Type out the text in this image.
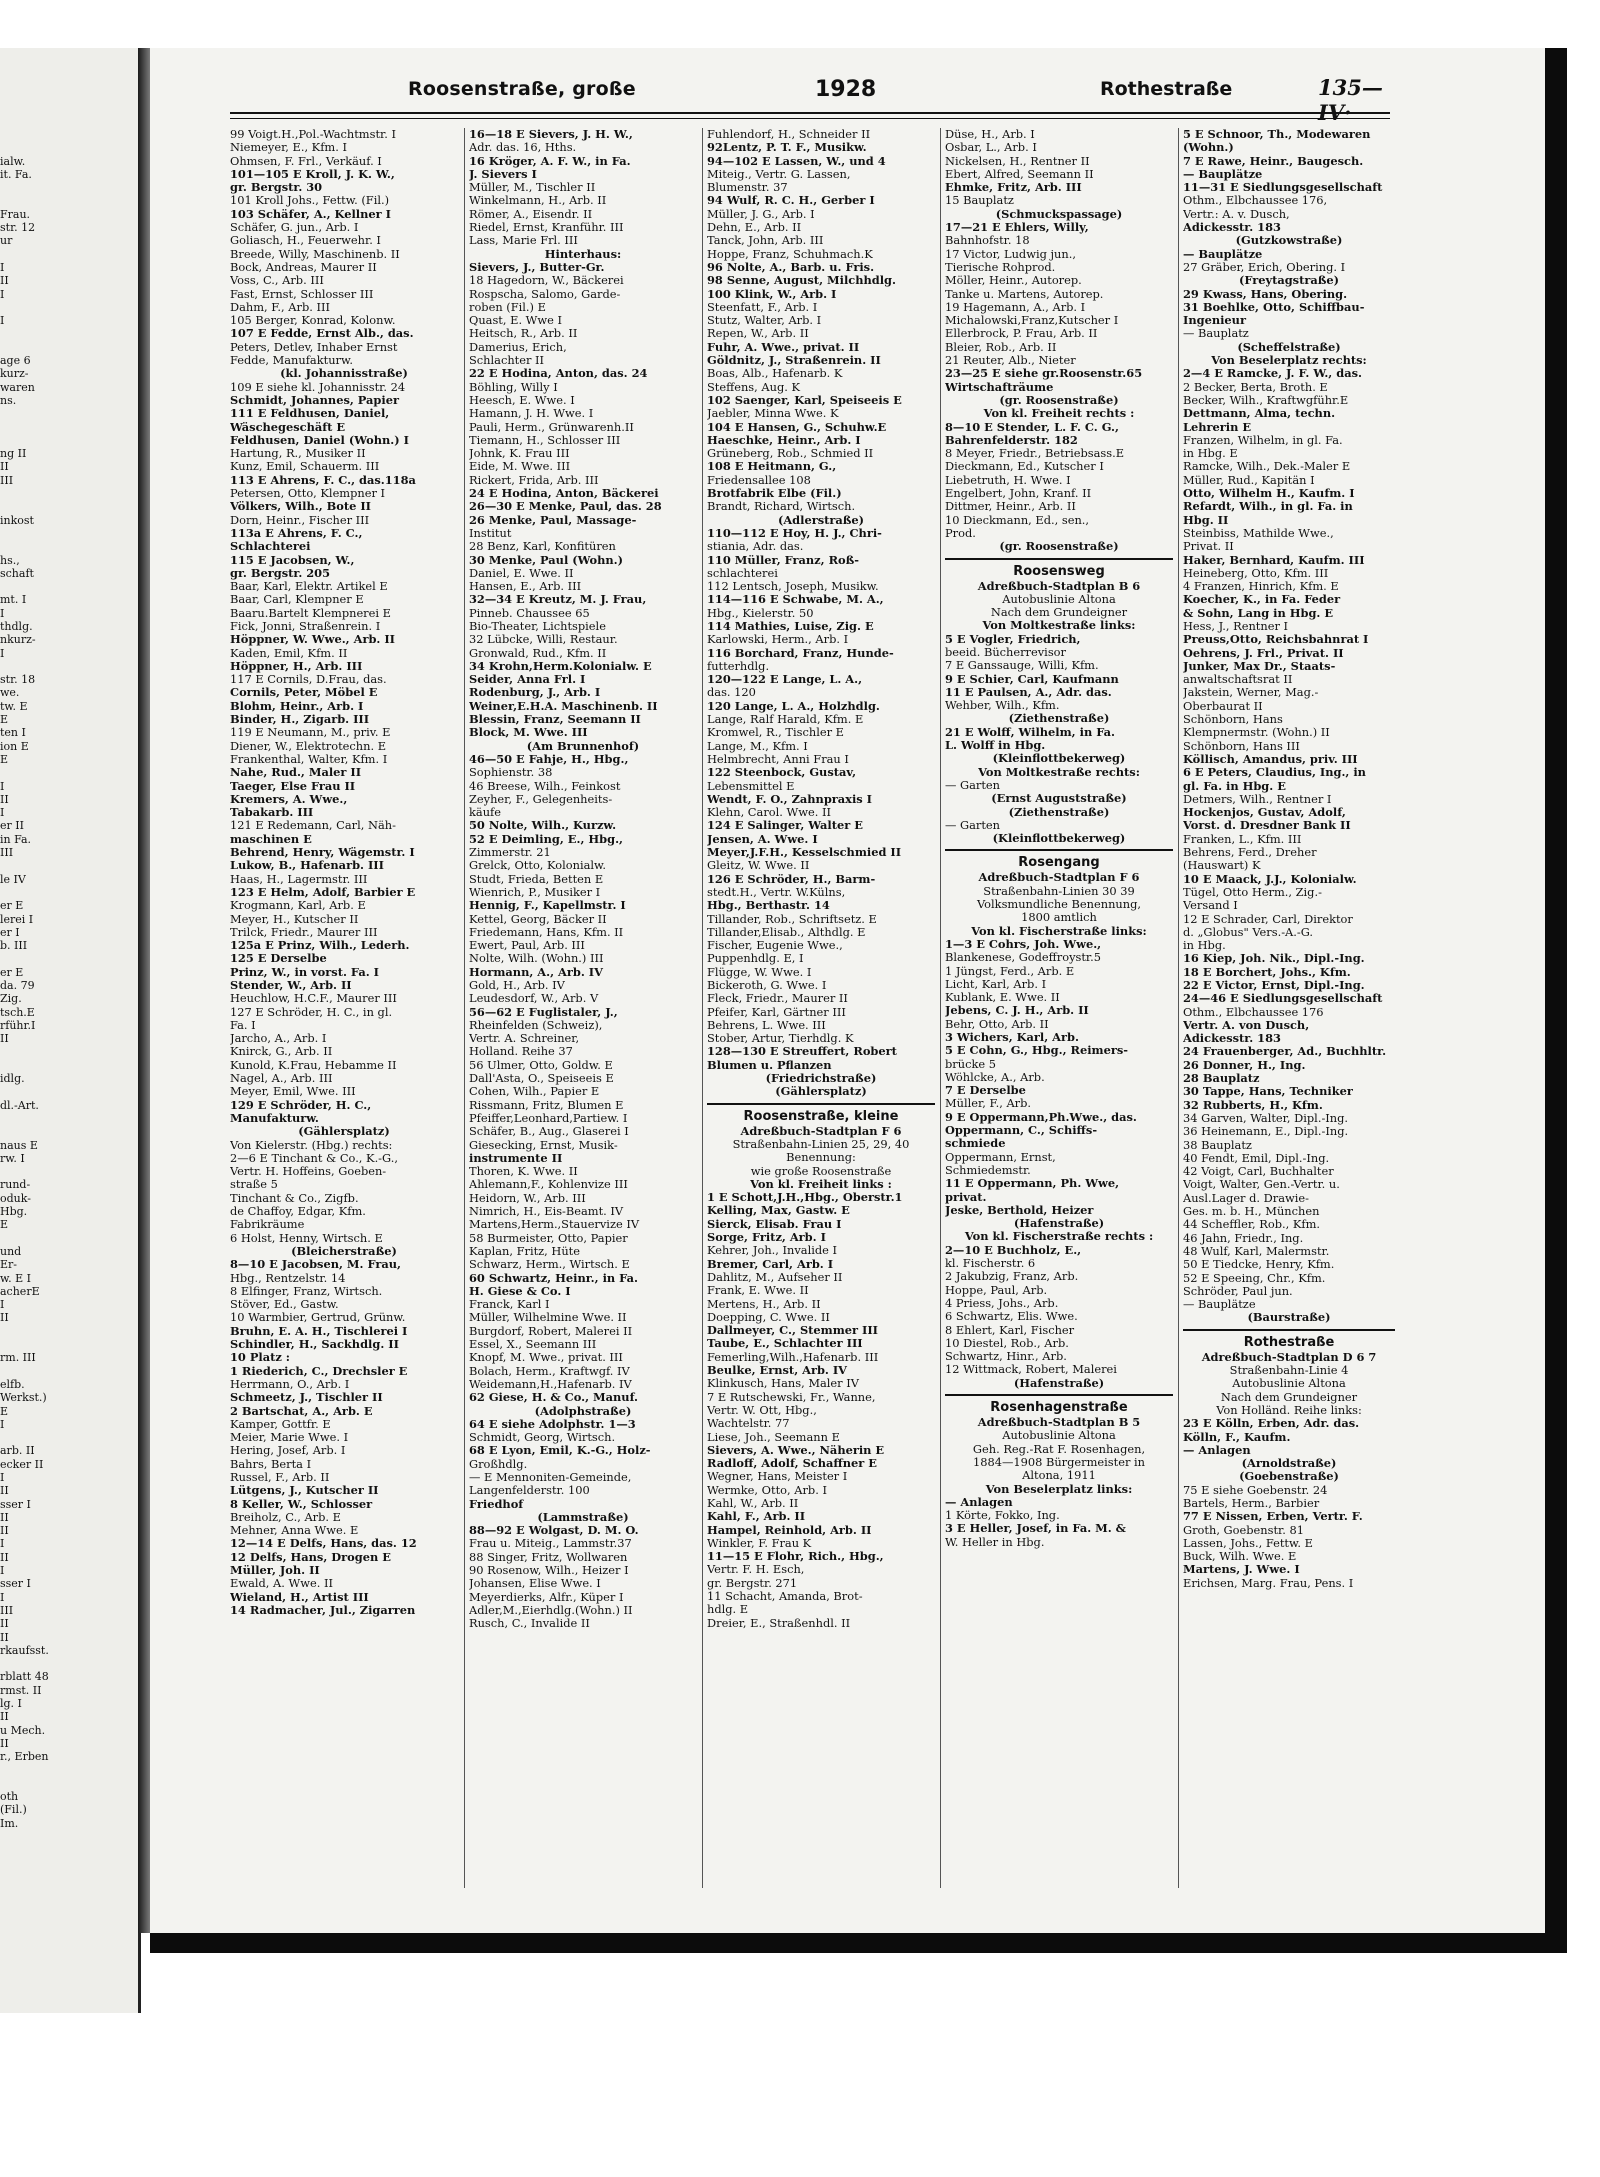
ialw.
it. Fa.

Frau.
str. 12
ur

I
II
I

I

age 6
kurz-
waren
ns.

ng II
II
III

inkost

hs.,
schaft

mt. I
I
thdlg.
nkurz-
I

str. 18
we.
tw. E
E
ten I
ion E
E

I
II
I
er II
in Fa.
III

le IV

er E
lerei I
er I
b. III

er E
da. 79
Zig.
tsch.E
rführ.I
II

idlg.

dl.-Art.

naus E
rw. I

rund-
oduk-
Hbg.
E

und
Er-
w. E I
acherE
I
II

rm. III

elfb.
Werkst.)
E
I

arb. II
ecker II
I
II
sser I
II
II
I
II
I
sser I
I
III
II
II
rkaufsst.

rblatt 48
rmst. II
lg. I
II
u Mech.
II
r., Erben

oth
(Fil.)
Im.
Roosenstraße, große	1928	Rothestraße	135—IV·
99 Voigt.H.,Pol.-Wachtmstr. I
Niemeyer, E., Kfm. I
Ohmsen, F. Frl., Verkäuf. I
101—105 E Kroll, J. K. W.,
gr. Bergstr. 30
101 Kroll Johs., Fettw. (Fil.)
103 Schäfer, A., Kellner I
Schäfer, G. jun., Arb. I
Goliasch, H., Feuerwehr. I
Breede, Willy, Maschinenb. II
Bock, Andreas, Maurer II
Voss, C., Arb. III
Fast, Ernst, Schlosser III
Dahm, F., Arb. III
105 Berger, Konrad, Kolonw.
107 E Fedde, Ernst Alb., das.
Peters, Detlev, Inhaber Ernst
Fedde, Manufakturw.
(kl. Johannisstraße)
109 E siehe kl. Johannisstr. 24
Schmidt, Johannes, Papier
111 E Feldhusen, Daniel,
Wäschegeschäft E
Feldhusen, Daniel (Wohn.) I
Hartung, R., Musiker II
Kunz, Emil, Schauerm. III
113 E Ahrens, F. C., das.118a
Petersen, Otto, Klempner I
Völkers, Wilh., Bote II
Dorn, Heinr., Fischer III
113a E Ahrens, F. C.,
Schlachterei
115 E Jacobsen, W.,
gr. Bergstr. 205
Baar, Karl, Elektr. Artikel E
Baar, Carl, Klempner E
Baaru.Bartelt Klempnerei E
Fick, Jonni, Straßenrein. I
Höppner, W. Wwe., Arb. II
Kaden, Emil, Kfm. II
Höppner, H., Arb. III
117 E Cornils, D.Frau, das.
Cornils, Peter, Möbel E
Blohm, Heinr., Arb. I
Binder, H., Zigarb. III
119 E Neumann, M., priv. E
Diener, W., Elektrotechn. E
Frankenthal, Walter, Kfm. I
Nahe, Rud., Maler II
Taeger, Else Frau II
Kremers, A. Wwe.,
Tabakarb. III
121 E Redemann, Carl, Näh-
maschinen E
Behrend, Henry, Wägemstr. I
Lukow, B., Hafenarb. III
Haas, H., Lagermstr. III
123 E Helm, Adolf, Barbier E
Krogmann, Karl, Arb. E
Meyer, H., Kutscher II
Trilck, Friedr., Maurer III
125a E Prinz, Wilh., Lederh.
125 E Derselbe
Prinz, W., in vorst. Fa. I
Stender, W., Arb. II
Heuchlow, H.C.F., Maurer III
127 E Schröder, H. C., in gl.
Fa. I
Jarcho, A., Arb. I
Knirck, G., Arb. II
Kunold, K.Frau, Hebamme II
Nagel, A., Arb. III
Meyer, Emil, Wwe. III
129 E Schröder, H. C.,
Manufakturw.
(Gählersplatz)
Von Kielerstr. (Hbg.) rechts:
2—6 E Tinchant & Co., K.-G.,
Vertr. H. Hoffeins, Goeben-
straße 5
Tinchant & Co., Zigfb.
de Chaffoy, Edgar, Kfm.
Fabrikräume
6 Holst, Henny, Wirtsch. E
(Bleicherstraße)
8—10 E Jacobsen, M. Frau,
Hbg., Rentzelstr. 14
8 Elfinger, Franz, Wirtsch.
Stöver, Ed., Gastw.
10 Warmbier, Gertrud, Grünw.
Bruhn, E. A. H., Tischlerei I
Schindler, H., Sackhdlg. II
10 Platz :
1 Riederich, C., Drechsler E
Herrmann, O., Arb. I
Schmeetz, J., Tischler II
2 Bartschat, A., Arb. E
Kamper, Gottfr. E
Meier, Marie Wwe. I
Hering, Josef, Arb. I
Bahrs, Berta I
Russel, F., Arb. II
Lütgens, J., Kutscher II
8 Keller, W., Schlosser
Breiholz, C., Arb. E
Mehner, Anna Wwe. E
12—14 E Delfs, Hans, das. 12
12 Delfs, Hans, Drogen E
Müller, Joh. II
Ewald, A. Wwe. II
Wieland, H., Artist III
14 Radmacher, Jul., Zigarren
16—18 E Sievers, J. H. W.,
Adr. das. 16, Hths.
16 Kröger, A. F. W., in Fa.
J. Sievers I
Müller, M., Tischler II
Winkelmann, H., Arb. II
Römer, A., Eisendr. II
Riedel, Ernst, Kranführ. III
Lass, Marie Frl. III
Hinterhaus:
Sievers, J., Butter-Gr.
18 Hagedorn, W., Bäckerei
Rospscha, Salomo, Garde-
roben (Fil.) E
Quast, E. Wwe I
Heitsch, R., Arb. II
Damerius, Erich,
Schlachter II
22 E Hodina, Anton, das. 24
Böhling, Willy I
Heesch, E. Wwe. I
Hamann, J. H. Wwe. I
Pauli, Herm., Grünwarenh.II
Tiemann, H., Schlosser III
Johnk, K. Frau III
Eide, M. Wwe. III
Rickert, Frida, Arb. III
24 E Hodina, Anton, Bäckerei
26—30 E Menke, Paul, das. 28
26 Menke, Paul, Massage-
Institut
28 Benz, Karl, Konfitüren
30 Menke, Paul (Wohn.)
Daniel, E. Wwe. II
Hansen, E., Arb. III
32—34 E Kreutz, M. J. Frau,
Pinneb. Chaussee 65
Bio-Theater, Lichtspiele
32 Lübcke, Willi, Restaur.
Gronwald, Rud., Kfm. II
34 Krohn,Herm.Kolonialw. E
Seider, Anna Frl. I
Rodenburg, J., Arb. I
Weiner,E.H.A. Maschinenb. II
Blessin, Franz, Seemann II
Block, M. Wwe. III
(Am Brunnenhof)
46—50 E Fahje, H., Hbg.,
Sophienstr. 38
46 Breese, Wilh., Feinkost
Zeyher, F., Gelegenheits-
käufe
50 Nolte, Wilh., Kurzw.
52 E Deimling, E., Hbg.,
Zimmerstr. 21
Grelck, Otto, Kolonialw.
Studt, Frieda, Betten E
Wienrich, P., Musiker I
Hennig, F., Kapellmstr. I
Kettel, Georg, Bäcker II
Friedemann, Hans, Kfm. II
Ewert, Paul, Arb. III
Nolte, Wilh. (Wohn.) III
Hormann, A., Arb. IV
Gold, H., Arb. IV
Leudesdorf, W., Arb. V
56—62 E Fuglistaler, J.,
Rheinfelden (Schweiz),
Vertr. A. Schreiner,
Holland. Reihe 37
56 Ulmer, Otto, Goldw. E
Dall'Asta, O., Speiseeis E
Cohen, Wilh., Papier E
Rissmann, Fritz, Blumen E
Pfeiffer,Leonhard,Partiew. I
Schäfer, B., Aug., Glaserei I
Giesecking, Ernst, Musik-
instrumente II
Thoren, K. Wwe. II
Ahlemann,F., Kohlenvize III
Heidorn, W., Arb. III
Nimrich, H., Eis-Beamt. IV
Martens,Herm.,Stauervize IV
58 Burmeister, Otto, Papier
Kaplan, Fritz, Hüte
Schwarz, Herm., Wirtsch. E
60 Schwartz, Heinr., in Fa.
H. Giese & Co. I
Franck, Karl I
Müller, Wilhelmine Wwe. II
Burgdorf, Robert, Malerei II
Essel, X., Seemann III
Knopf, M. Wwe., privat. III
Bolach, Herm., Kraftwgf. IV
Weidemann,H.,Hafenarb. IV
62 Giese, H. & Co., Manuf.
(Adolphstraße)
64 E siehe Adolphstr. 1—3
Schmidt, Georg, Wirtsch.
68 E Lyon, Emil, K.-G., Holz-
Großhdlg.
— E Mennoniten-Gemeinde,
Langenfelderstr. 100
Friedhof
(Lammstraße)
88—92 E Wolgast, D. M. O.
Frau u. Miteig., Lammstr.37
88 Singer, Fritz, Wollwaren
90 Rosenow, Wilh., Heizer I
Johansen, Elise Wwe. I
Meyerdierks, Alfr., Küper I
Adler,M.,Eierhdlg.(Wohn.) II
Rusch, C., Invalide II
Fuhlendorf, H., Schneider II
92Lentz, P. T. F., Musikw.
94—102 E Lassen, W., und 4
Miteig., Vertr. G. Lassen,
Blumenstr. 37
94 Wulf, R. C. H., Gerber I
Müller, J. G., Arb. I
Dehn, E., Arb. II
Tanck, John, Arb. III
Hoppe, Franz, Schuhmach.K
96 Nolte, A., Barb. u. Fris.
98 Senne, August, Milchhdlg.
100 Klink, W., Arb. I
Steenfatt, F., Arb. I
Stutz, Walter, Arb. I
Repen, W., Arb. II
Fuhr, A. Wwe., privat. II
Göldnitz, J., Straßenrein. II
Boas, Alb., Hafenarb. K
Steffens, Aug. K
102 Saenger, Karl, Speiseeis E
Jaebler, Minna Wwe. K
104 E Hansen, G., Schuhw.E
Haeschke, Heinr., Arb. I
Grüneberg, Rob., Schmied II
108 E Heitmann, G.,
Friedensallee 108
Brotfabrik Elbe (Fil.)
Brandt, Richard, Wirtsch.
(Adlerstraße)
110—112 E Hoy, H. J., Chri-
stiania, Adr. das.
110 Müller, Franz, Roß-
schlachterei
112 Lentsch, Joseph, Musikw.
114—116 E Schwabe, M. A.,
Hbg., Kielerstr. 50
114 Mathies, Luise, Zig. E
Karlowski, Herm., Arb. I
116 Borchard, Franz, Hunde-
futterhdlg.
120—122 E Lange, L. A.,
das. 120
120 Lange, L. A., Holzhdlg.
Lange, Ralf Harald, Kfm. E
Kromwel, R., Tischler E
Lange, M., Kfm. I
Helmbrecht, Anni Frau I
122 Steenbock, Gustav,
Lebensmittel E
Wendt, F. O., Zahnpraxis I
Klehn, Carol. Wwe. II
124 E Salinger, Walter E
Jensen, A. Wwe. I
Meyer,J.F.H., Kesselschmied II
Gleitz, W. Wwe. II
126 E Schröder, H., Barm-
stedt.H., Vertr. W.Külns,
Hbg., Berthastr. 14
Tillander, Rob., Schriftsetz. E
Tillander,Elisab., Althdlg. E
Fischer, Eugenie Wwe.,
Puppenhdlg. E, I
Flügge, W. Wwe. I
Bickeroth, G. Wwe. I
Fleck, Friedr., Maurer II
Pfeifer, Karl, Gärtner III
Behrens, L. Wwe. III
Stober, Artur, Tierhdlg. K
128—130 E Streuffert, Robert
Blumen u. Pflanzen
(Friedrichstraße)
(Gählersplatz)
Roosenstraße, kleine
Adreßbuch-Stadtplan F 6
Straßenbahn-Linien 25, 29, 40
Benennung:
wie große Roosenstraße
Von kl. Freiheit links :
1 E Schott,J.H.,Hbg., Oberstr.1
Kelling, Max, Gastw. E
Sierck, Elisab. Frau I
Sorge, Fritz, Arb. I
Kehrer, Joh., Invalide I
Bremer, Carl, Arb. I
Dahlitz, M., Aufseher II
Frank, E. Wwe. II
Mertens, H., Arb. II
Doepping, C. Wwe. II
Dallmeyer, C., Stemmer III
Taube, E., Schlachter III
Femerling,Wilh.,Hafenarb. III
Beulke, Ernst, Arb. IV
Klinkusch, Hans, Maler IV
7 E Rutschewski, Fr., Wanne,
Vertr. W. Ott, Hbg.,
Wachtelstr. 77
Liese, Joh., Seemann E
Sievers, A. Wwe., Näherin E
Radloff, Adolf, Schaffner E
Wegner, Hans, Meister I
Wermke, Otto, Arb. I
Kahl, W., Arb. II
Kahl, F., Arb. II
Hampel, Reinhold, Arb. II
Winkler, F. Frau K
11—15 E Flohr, Rich., Hbg.,
Vertr. F. H. Esch,
gr. Bergstr. 271
11 Schacht, Amanda, Brot-
hdlg. E
Dreier, E., Straßenhdl. II
Düse, H., Arb. I
Osbar, L., Arb. I
Nickelsen, H., Rentner II
Ebert, Alfred, Seemann II
Ehmke, Fritz, Arb. III
15 Bauplatz
(Schmuckspassage)
17—21 E Ehlers, Willy,
Bahnhofstr. 18
17 Victor, Ludwig jun.,
Tierische Rohprod.
Möller, Heinr., Autorep.
Tanke u. Martens, Autorep.
19 Hagemann, A., Arb. I
Michalowski,Franz,Kutscher I
Ellerbrock, P. Frau, Arb. II
Bleier, Rob., Arb. II
21 Reuter, Alb., Nieter
23—25 E siehe gr.Roosenstr.65
Wirtschafträume
(gr. Roosenstraße)
Von kl. Freiheit rechts :
8—10 E Stender, L. F. C. G.,
Bahrenfelderstr. 182
8 Meyer, Friedr., Betriebsass.E
Dieckmann, Ed., Kutscher I
Liebetruth, H. Wwe. I
Engelbert, John, Kranf. II
Dittmer, Heinr., Arb. II
10 Dieckmann, Ed., sen.,
Prod.
(gr. Roosenstraße)
Roosensweg
Adreßbuch-Stadtplan B 6
Autobuslinie Altona
Nach dem Grundeigner
Von Moltkestraße links:
5 E Vogler, Friedrich,
beeid. Bücherrevisor
7 E Ganssauge, Willi, Kfm.
9 E Schier, Carl, Kaufmann
11 E Paulsen, A., Adr. das.
Wehber, Wilh., Kfm.
(Ziethenstraße)
21 E Wolff, Wilhelm, in Fa.
L. Wolff in Hbg.
(Kleinflottbekerweg)
Von Moltkestraße rechts:
— Garten
(Ernst Auguststraße)
(Ziethenstraße)
— Garten
(Kleinflottbekerweg)
Rosengang
Adreßbuch-Stadtplan F 6
Straßenbahn-Linien 30 39
Volksmundliche Benennung,
1800 amtlich
Von kl. Fischerstraße links:
1—3 E Cohrs, Joh. Wwe.,
Blankenese, Godeffroystr.5
1 Jüngst, Ferd., Arb. E
Licht, Karl, Arb. I
Kublank, E. Wwe. II
Jebens, C. J. H., Arb. II
Behr, Otto, Arb. II
3 Wichers, Karl, Arb.
5 E Cohn, G., Hbg., Reimers-
brücke 5
Wöhlcke, A., Arb.
7 E Derselbe
Müller, F., Arb.
9 E Oppermann,Ph.Wwe., das.
Oppermann, C., Schiffs-
schmiede
Oppermann, Ernst,
Schmiedemstr.
11 E Oppermann, Ph. Wwe,
privat.
Jeske, Berthold, Heizer
(Hafenstraße)
Von kl. Fischerstraße rechts :
2—10 E Buchholz, E.,
kl. Fischerstr. 6
2 Jakubzig, Franz, Arb.
Hoppe, Paul, Arb.
4 Priess, Johs., Arb.
6 Schwartz, Elis. Wwe.
8 Ehlert, Karl, Fischer
10 Diestel, Rob., Arb.
Schwartz, Hinr., Arb.
12 Wittmack, Robert, Malerei
(Hafenstraße)
Rosenhagenstraße
Adreßbuch-Stadtplan B 5
Autobuslinie Altona
Geh. Reg.-Rat F. Rosenhagen,
1884—1908 Bürgermeister in
Altona, 1911
Von Beselerplatz links:
— Anlagen
1 Körte, Fokko, Ing.
3 E Heller, Josef, in Fa. M. &
W. Heller in Hbg.
5 E Schnoor, Th., Modewaren
(Wohn.)
7 E Rawe, Heinr., Baugesch.
— Bauplätze
11—31 E Siedlungsgesellschaft
Othm., Elbchaussee 176,
Vertr.: A. v. Dusch,
Adickesstr. 183
(Gutzkowstraße)
— Bauplätze
27 Gräber, Erich, Obering. I
(Freytagstraße)
29 Kwass, Hans, Obering.
31 Boehlke, Otto, Schiffbau-
Ingenieur
— Bauplatz
(Scheffelstraße)
Von Beselerplatz rechts:
2—4 E Ramcke, J. F. W., das.
2 Becker, Berta, Broth. E
Becker, Wilh., Kraftwgführ.E
Dettmann, Alma, techn.
Lehrerin E
Franzen, Wilhelm, in gl. Fa.
in Hbg. E
Ramcke, Wilh., Dek.-Maler E
Müller, Rud., Kapitän I
Otto, Wilhelm H., Kaufm. I
Refardt, Wilh., in gl. Fa. in
Hbg. II
Steinbiss, Mathilde Wwe.,
Privat. II
Haker, Bernhard, Kaufm. III
Heineberg, Otto, Kfm. III
4 Franzen, Hinrich, Kfm. E
Koecher, K., in Fa. Feder
& Sohn, Lang in Hbg. E
Hess, J., Rentner I
Preuss,Otto, Reichsbahnrat I
Oehrens, J. Frl., Privat. II
Junker, Max Dr., Staats-
anwaltschaftsrat II
Jakstein, Werner, Mag.-
Oberbaurat II
Schönborn, Hans
Klempnermstr. (Wohn.) II
Schönborn, Hans III
Köllisch, Amandus, priv. III
6 E Peters, Claudius, Ing., in
gl. Fa. in Hbg. E
Detmers, Wilh., Rentner I
Hockenjos, Gustav, Adolf,
Vorst. d. Dresdner Bank II
Franken, L., Kfm. III
Behrens, Ferd., Dreher
(Hauswart) K
10 E Maack, J.J., Kolonialw.
Tügel, Otto Herm., Zig.-
Versand I
12 E Schrader, Carl, Direktor
d. „Globus" Vers.-A.-G.
in Hbg.
16 Kiep, Joh. Nik., Dipl.-Ing.
18 E Borchert, Johs., Kfm.
22 E Victor, Ernst, Dipl.-Ing.
24—46 E Siedlungsgesellschaft
Othm., Elbchaussee 176
Vertr. A. von Dusch,
Adickesstr. 183
24 Frauenberger, Ad., Buchhltr.
26 Donner, H., Ing.
28 Bauplatz
30 Tappe, Hans, Techniker
32 Rubberts, H., Kfm.
34 Garven, Walter, Dipl.-Ing.
36 Heinemann, E., Dipl.-Ing.
38 Bauplatz
40 Fendt, Emil, Dipl.-Ing.
42 Voigt, Carl, Buchhalter
Voigt, Walter, Gen.-Vertr. u.
Ausl.Lager d. Drawie-
Ges. m. b. H., München
44 Scheffler, Rob., Kfm.
46 Jahn, Friedr., Ing.
48 Wulf, Karl, Malermstr.
50 E Tiedcke, Henry, Kfm.
52 E Speeing, Chr., Kfm.
Schröder, Paul jun.
— Bauplätze
(Baurstraße)
Rothestraße
Adreßbuch-Stadtplan D 6 7
Straßenbahn-Linie 4
Autobuslinie Altona
Nach dem Grundeigner
Von Holländ. Reihe links:
23 E Kölln, Erben, Adr. das.
Kölln, F., Kaufm.
— Anlagen
(Arnoldstraße)
(Goebenstraße)
75 E siehe Goebenstr. 24
Bartels, Herm., Barbier
77 E Nissen, Erben, Vertr. F.
Groth, Goebenstr. 81
Lassen, Johs., Fettw. E
Buck, Wilh. Wwe. E
Martens, J. Wwe. I
Erichsen, Marg. Frau, Pens. I
